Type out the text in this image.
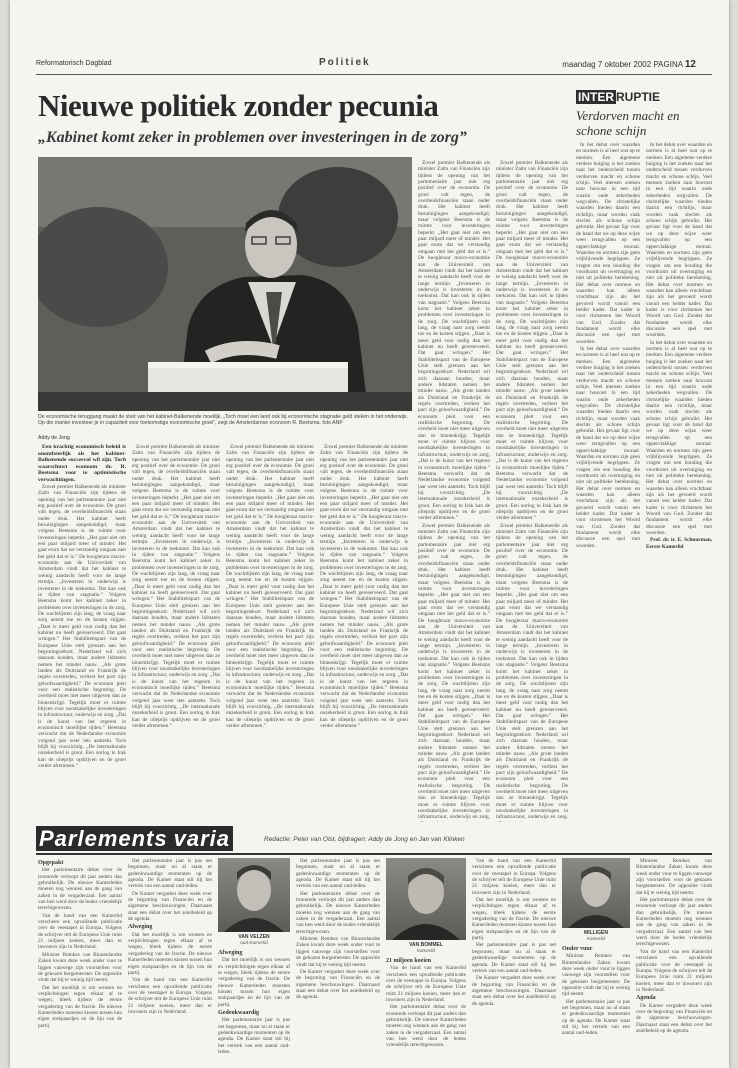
Reformatorisch Dagblad	Politiek	maandag 7 oktober 2002 PAGINA 12
Nieuwe politiek zonder pecunia
„Kabinet komt zeker in problemen over investeringen in de zorg”
De economische teruggang maakt de start van het kabinet-Balkenende moeilijk. „Toch moet een land ook bij economische stagnatie geld steken in het onderwijs. Op die manier investeer je in capaciteit voor toekomstige economische groei”, zegt de Amsterdamse econoom R. Beetsma. foto ANP
Addy de Jong

Een krachtig economisch beleid is onontbeerlijk als het kabinet-Balkenende succesvol wil zijn. Toch waarschuwt econoom dr. R. Beetsma voor te optimistische verwachtingen.

Zowel premier Balkenende als minister Zalm van Financiën zijn tijdens de opening van het parlementaire jaar niet erg positief over de economie. De groei valt tegen, de overheidsfinanciën staan onder druk. Het kabinet heeft bezuinigingen aangekondigd, maar volgens Beetsma is de ruimte voor investeringen beperkt. „Het gaat niet om een paar miljard meer of minder. Het gaat erom dat we verstandig omgaan met het geld dat er is.” De hoogleraar macro-economie aan de Universiteit van Amsterdam vindt dat het kabinet te weinig aandacht heeft voor de lange termijn. „Investeren in onderwijs is investeren in de toekomst. Dat kan ook in tijden van stagnatie.” Volgens Beetsma komt het kabinet zeker in problemen over investeringen in de zorg. De wachtlijsten zijn lang, de vraag naar zorg neemt toe en de kosten stijgen. „Daar is meer geld voor nodig dan het kabinet nu heeft gereserveerd. Dat gaat wringen.” Het Stabiliteitspact van de Europese Unie stelt grenzen aan het begrotingstekort. Nederland wil zich daaraan houden, maar andere lidstaten nemen het minder nauw. „Als grote landen als Duitsland en Frankrijk de regels overtreden, verliest het pact zijn geloofwaardigheid.” De econoom pleit voor een realistische begroting. De overheid moet niet meer uitgeven dan ze binnenkrijgt. Tegelijk moet er ruimte blijven voor noodzakelijke investeringen in infrastructuur, onderwijs en zorg. „Dat is de kunst van het regeren in economisch moeilijke tijden.” Beetsma verwacht dat de Nederlandse economie volgend jaar weer iets aantrekt. Toch blijft hij voorzichtig. „De internationale onzekerheid is groot. Een oorlog in Irak kan de olieprijs opdrijven en de groei verder afremmen.”

Zowel premier Balkenende als minister Zalm van Financiën zijn tijdens de opening van het parlementaire jaar niet erg positief over de economie. De groei valt tegen, de overheidsfinanciën staan onder druk. Het kabinet heeft bezuinigingen aangekondigd, maar volgens Beetsma is de ruimte voor investeringen beperkt. „Het gaat niet om een paar miljard meer of minder. Het gaat erom dat we verstandig omgaan met het geld dat er is.” De hoogleraar macro-economie aan de Universiteit van Amsterdam vindt dat het kabinet te weinig aandacht heeft voor de lange termijn. „Investeren in onderwijs is investeren in de toekomst. Dat kan ook in tijden van stagnatie.” Volgens Beetsma komt het kabinet zeker in problemen over investeringen in de zorg. De wachtlijsten zijn lang, de vraag naar zorg neemt toe en de kosten stijgen. „Daar is meer geld voor nodig dan het kabinet nu heeft gereserveerd. Dat gaat wringen.” Het Stabiliteitspact van de Europese Unie stelt grenzen aan het begrotingstekort. Nederland wil zich daaraan houden, maar andere lidstaten nemen het minder nauw. „Als grote landen als Duitsland en Frankrijk de regels overtreden, verliest het pact zijn geloofwaardigheid.” De econoom pleit voor een realistische begroting. De overheid moet niet meer uitgeven dan ze binnenkrijgt. Tegelijk moet er ruimte blijven voor noodzakelijke investeringen in infrastructuur, onderwijs en zorg. „Dat is de kunst van het regeren in economisch moeilijke tijden.” Beetsma verwacht dat de Nederlandse economie volgend jaar weer iets aantrekt. Toch blijft hij voorzichtig. „De internationale onzekerheid is groot. Een oorlog in Irak kan de olieprijs opdrijven en de groei verder afremmen.”

Zowel premier Balkenende als minister Zalm van Financiën zijn tijdens de opening van het parlementaire jaar niet erg positief over de economie. De groei valt tegen, de overheidsfinanciën staan onder druk. Het kabinet heeft bezuinigingen aangekondigd, maar volgens Beetsma is de ruimte voor investeringen beperkt. „Het gaat niet om een paar miljard meer of minder. Het gaat erom dat we verstandig omgaan met het geld dat er is.” De hoogleraar macro-economie aan de Universiteit van Amsterdam vindt dat het kabinet te weinig aandacht heeft voor de lange termijn. „Investeren in onderwijs is investeren in de toekomst. Dat kan ook in tijden van stagnatie.” Volgens Beetsma komt het kabinet zeker in problemen over investeringen in de zorg. De wachtlijsten zijn lang, de vraag naar zorg neemt toe en de kosten stijgen. „Daar is meer geld voor nodig dan het kabinet nu heeft gereserveerd. Dat gaat wringen.” Het Stabiliteitspact van de Europese Unie stelt grenzen aan het begrotingstekort. Nederland wil zich daaraan houden, maar andere lidstaten nemen het minder nauw. „Als grote landen als Duitsland en Frankrijk de regels overtreden, verliest het pact zijn geloofwaardigheid.” De econoom pleit voor een realistische begroting. De overheid moet niet meer uitgeven dan ze binnenkrijgt. Tegelijk moet er ruimte blijven voor noodzakelijke investeringen in infrastructuur, onderwijs en zorg. „Dat is de kunst van het regeren in economisch moeilijke tijden.” Beetsma verwacht dat de Nederlandse economie volgend jaar weer iets aantrekt. Toch blijft hij voorzichtig. „De internationale onzekerheid is groot. Een oorlog in Irak kan de olieprijs opdrijven en de groei verder afremmen.”

Zowel premier Balkenende als minister Zalm van Financiën zijn tijdens de opening van het parlementaire jaar niet erg positief over de economie. De groei valt tegen, de overheidsfinanciën staan onder druk. Het kabinet heeft bezuinigingen aangekondigd, maar volgens Beetsma is de ruimte voor investeringen beperkt. „Het gaat niet om een paar miljard meer of minder. Het gaat erom dat we verstandig omgaan met het geld dat er is.” De hoogleraar macro-economie aan de Universiteit van Amsterdam vindt dat het kabinet te weinig aandacht heeft voor de lange termijn. „Investeren in onderwijs is investeren in de toekomst. Dat kan ook in tijden van stagnatie.” Volgens Beetsma komt het kabinet zeker in problemen over investeringen in de zorg. De wachtlijsten zijn lang, de vraag naar zorg neemt toe en de kosten stijgen. „Daar is meer geld voor nodig dan het kabinet nu heeft gereserveerd. Dat gaat wringen.” Het Stabiliteitspact van de Europese Unie stelt grenzen aan het begrotingstekort. Nederland wil zich daaraan houden, maar andere lidstaten nemen het minder nauw. „Als grote landen als Duitsland en Frankrijk de regels overtreden, verliest het pact zijn geloofwaardigheid.” De econoom pleit voor een realistische begroting. De overheid moet niet meer uitgeven dan ze binnenkrijgt. Tegelijk moet er ruimte blijven voor noodzakelijke investeringen in infrastructuur, onderwijs en zorg. „Dat is de kunst van het regeren in economisch moeilijke tijden.” Beetsma verwacht dat de Nederlandse economie volgend jaar weer iets aantrekt. Toch blijft hij voorzichtig. „De internationale onzekerheid is groot. Een oorlog in Irak kan de olieprijs opdrijven en de groei verder afremmen.”

Zowel premier Balkenende als minister Zalm van Financiën zijn tijdens de opening van het parlementaire jaar niet erg positief over de economie. De groei valt tegen, de overheidsfinanciën staan onder druk. Het kabinet heeft bezuinigingen aangekondigd, maar volgens Beetsma is de ruimte voor investeringen beperkt. „Het gaat niet om een paar miljard meer of minder. Het gaat erom dat we verstandig omgaan met het geld dat er is.” De hoogleraar macro-economie aan de Universiteit van Amsterdam vindt dat het kabinet te weinig aandacht heeft voor de lange termijn. „Investeren in onderwijs is investeren in de toekomst. Dat kan ook in tijden van stagnatie.” Volgens Beetsma komt het kabinet zeker in problemen over investeringen in de zorg. De wachtlijsten zijn lang, de vraag naar zorg neemt toe en de kosten stijgen. „Daar is meer geld voor nodig dan het kabinet nu heeft gereserveerd. Dat gaat wringen.” Het Stabiliteitspact van de Europese Unie stelt grenzen aan het begrotingstekort. Nederland wil zich daaraan houden, maar andere lidstaten nemen het minder nauw. „Als grote landen als Duitsland en Frankrijk de regels overtreden, verliest het pact zijn geloofwaardigheid.” De econoom pleit voor een realistische begroting. De overheid moet niet meer uitgeven dan ze binnenkrijgt. Tegelijk moet er ruimte blijven voor noodzakelijke investeringen in infrastructuur, onderwijs en zorg. „Dat is de kunst van het regeren in economisch moeilijke tijden.” Beetsma verwacht dat de Nederlandse economie volgend jaar weer iets aantrekt. Toch blijft hij voorzichtig. „De internationale onzekerheid is groot. Een oorlog in Irak kan de olieprijs opdrijven en de groei verder afremmen.”

Zowel premier Balkenende als minister Zalm van Financiën zijn tijdens de opening van het parlementaire jaar niet erg positief over de economie. De groei valt tegen, de overheidsfinanciën staan onder druk. Het kabinet heeft bezuinigingen aangekondigd, maar volgens Beetsma is de ruimte voor investeringen beperkt. „Het gaat niet om een paar miljard meer of minder. Het gaat erom dat we verstandig omgaan met het geld dat er is.” De hoogleraar macro-economie aan de Universiteit van Amsterdam vindt dat het kabinet te weinig aandacht heeft voor de lange termijn. „Investeren in onderwijs is investeren in de toekomst. Dat kan ook in tijden van stagnatie.” Volgens Beetsma komt het kabinet zeker in problemen over investeringen in de zorg. De wachtlijsten zijn lang, de vraag naar zorg neemt toe en de kosten stijgen. „Daar is meer geld voor nodig dan het kabinet nu heeft gereserveerd. Dat gaat wringen.” Het Stabiliteitspact van de Europese Unie stelt grenzen aan het begrotingstekort. Nederland wil zich daaraan houden, maar andere lidstaten nemen het minder nauw. „Als grote landen als Duitsland en Frankrijk de regels overtreden, verliest het pact zijn geloofwaardigheid.” De econoom pleit voor een realistische begroting. De overheid moet niet meer uitgeven dan ze binnenkrijgt. Tegelijk moet er ruimte blijven voor noodzakelijke investeringen in infrastructuur, onderwijs en zorg.

Zowel premier Balkenende als minister Zalm van Financiën zijn tijdens de opening van het parlementaire jaar niet erg positief over de economie. De groei valt tegen, de overheidsfinanciën staan onder druk. Het kabinet heeft bezuinigingen aangekondigd, maar volgens Beetsma is de ruimte voor investeringen beperkt. „Het gaat niet om een paar miljard meer of minder. Het gaat erom dat we verstandig omgaan met het geld dat er is.” De hoogleraar macro-economie aan de Universiteit van Amsterdam vindt dat het kabinet te weinig aandacht heeft voor de lange termijn. „Investeren in onderwijs is investeren in de toekomst. Dat kan ook in tijden van stagnatie.” Volgens Beetsma komt het kabinet zeker in problemen over investeringen in de zorg. De wachtlijsten zijn lang, de vraag naar zorg neemt toe en de kosten stijgen. „Daar is meer geld voor nodig dan het kabinet nu heeft gereserveerd. Dat gaat wringen.” Het Stabiliteitspact van de Europese Unie stelt grenzen aan het begrotingstekort. Nederland wil zich daaraan houden, maar andere lidstaten nemen het minder nauw. „Als grote landen als Duitsland en Frankrijk de regels overtreden, verliest het pact zijn geloofwaardigheid.” De econoom pleit voor een realistische begroting. De overheid moet niet meer uitgeven dan ze binnenkrijgt. Tegelijk moet er ruimte blijven voor noodzakelijke investeringen in infrastructuur, onderwijs en zorg. „Dat is de kunst van het regeren in economisch moeilijke tijden.” Beetsma verwacht dat de Nederlandse economie volgend jaar weer iets aantrekt. Toch blijft hij voorzichtig. „De internationale onzekerheid is groot. Een oorlog in Irak kan de olieprijs opdrijven en de groei verder afremmen.”

Zowel premier Balkenende als minister Zalm van Financiën zijn tijdens de opening van het parlementaire jaar niet erg positief over de economie. De groei valt tegen, de overheidsfinanciën staan onder druk. Het kabinet heeft bezuinigingen aangekondigd, maar volgens Beetsma is de ruimte voor investeringen beperkt. „Het gaat niet om een paar miljard meer of minder. Het gaat erom dat we verstandig omgaan met het geld dat er is.” De hoogleraar macro-economie aan de Universiteit van Amsterdam vindt dat het kabinet te weinig aandacht heeft voor de lange termijn. „Investeren in onderwijs is investeren in de toekomst. Dat kan ook in tijden van stagnatie.” Volgens Beetsma komt het kabinet zeker in problemen over investeringen in de zorg. De wachtlijsten zijn lang, de vraag naar zorg neemt toe en de kosten stijgen. „Daar is meer geld voor nodig dan het kabinet nu heeft gereserveerd. Dat gaat wringen.” Het Stabiliteitspact van de Europese Unie stelt grenzen aan het begrotingstekort. Nederland wil zich daaraan houden, maar andere lidstaten nemen het minder nauw. „Als grote landen als Duitsland en Frankrijk de regels overtreden, verliest het pact zijn geloofwaardigheid.” De econoom pleit voor een realistische begroting. De overheid moet niet meer uitgeven dan ze binnenkrijgt. Tegelijk moet er ruimte blijven voor noodzakelijke investeringen in infrastructuur, onderwijs en zorg.

INTER RUPTIE
Verdorven macht en schone schijn

In het debat over waarden en normen is al heel wat op te merken. Een algemene verdere buiging is het zoeken naar het onderscheid tussen verdorven macht en schone schijn. Veel mensen zoeken naar houvast in een tijd waarin oude zekerheden wegvallen. De christelijke waarden bieden daarin een richtlijn, maar worden vaak slechts als schone schijn gebruikt. Het gevaar ligt voor de hand dat we op deze wijze weer terugvallen op een oppervlakkige moraal. Waarden en normen zijn geen vrijblijvende begrippen. Ze vragen om een houding die voortkomt uit overtuiging en niet uit politieke berekening. Het debat over normen en waarden kan alleen vruchtbaar zijn als het gevoerd wordt vanuit een helder kader. Dat kader is voor christenen het Woord van God. Zonder dat fundament wordt elke discussie een spel met woorden.

In het debat over waarden en normen is al heel wat op te merken. Een algemene verdere buiging is het zoeken naar het onderscheid tussen verdorven macht en schone schijn. Veel mensen zoeken naar houvast in een tijd waarin oude zekerheden wegvallen. De christelijke waarden bieden daarin een richtlijn, maar worden vaak slechts als schone schijn gebruikt. Het gevaar ligt voor de hand dat we op deze wijze weer terugvallen op een oppervlakkige moraal. Waarden en normen zijn geen vrijblijvende begrippen. Ze vragen om een houding die voortkomt uit overtuiging en niet uit politieke berekening. Het debat over normen en waarden kan alleen vruchtbaar zijn als het gevoerd wordt vanuit een helder kader. Dat kader is voor christenen het Woord van God. Zonder dat fundament wordt elke discussie een spel met woorden.

In het debat over waarden en normen is al heel wat op te merken. Een algemene verdere buiging is het zoeken naar het onderscheid tussen verdorven macht en schone schijn. Veel mensen zoeken naar houvast in een tijd waarin oude zekerheden wegvallen. De christelijke waarden bieden daarin een richtlijn, maar worden vaak slechts als schone schijn gebruikt. Het gevaar ligt voor de hand dat we op deze wijze weer terugvallen op een oppervlakkige moraal. Waarden en normen zijn geen vrijblijvende begrippen. Ze vragen om een houding die voortkomt uit overtuiging en niet uit politieke berekening. Het debat over normen en waarden kan alleen vruchtbaar zijn als het gevoerd wordt vanuit een helder kader. Dat kader is voor christenen het Woord van God. Zonder dat fundament wordt elke discussie een spel met woorden.

In het debat over waarden en normen is al heel wat op te merken. Een algemene verdere buiging is het zoeken naar het onderscheid tussen verdorven macht en schone schijn. Veel mensen zoeken naar houvast in een tijd waarin oude zekerheden wegvallen. De christelijke waarden bieden daarin een richtlijn, maar worden vaak slechts als schone schijn gebruikt. Het gevaar ligt voor de hand dat we op deze wijze weer terugvallen op een oppervlakkige moraal. Waarden en normen zijn geen vrijblijvende begrippen. Ze vragen om een houding die voortkomt uit overtuiging en niet uit politieke berekening. Het debat over normen en waarden kan alleen vruchtbaar zijn als het gevoerd wordt vanuit een helder kader. Dat kader is voor christenen het Woord van God. Zonder dat fundament wordt elke discussie een spel met woorden.

Prof. dr. ir. E. Schuurman, Eerste Kamerlid

Parlements varia	Redactie: Peter van Olst, bijdragen: Addy de Jong en Jan van Klinken
Opgepakt

Het parlementaire debat over de troonrede verloopt dit jaar anders dan gebruikelijk. De nieuwe Kamerleden moeten nog wennen aan de gang van zaken in de vergaderzaal. Een aantal van hen werd door de bodes vriendelijk terechtgewezen.

Van de hand van een Kamerlid verscheen een opvallende publicatie over de veestapel in Europa. Volgens de schrijver telt de Europese Unie ruim 21 miljoen koeien, meer dan er inwoners zijn in Nederland.

Minister Remkes van Binnenlandse Zaken kwam deze week onder vuur te liggen vanwege zijn voorstellen voor de gekozen burgemeester. De oppositie vindt dat hij te weinig tijd neemt.

Dat het moeilijk is om wensen en verplichtingen tegen elkaar af te wegen, bleek tijdens de eerste vergadering van de fractie. De nieuwe Kamerleden moesten kiezen tussen hun eigen stokpaardjes en de lijn van de partij.

Het parlementaire jaar is pas net begonnen, maar nu al staan er gedenkwaardige momenten op de agenda. De Kamer staat stil bij het vertrek van een aantal oud-leden.

De Kamer vergadert deze week over de begroting van Financiën en de algemene beschouwingen. Daarnaast staat een debat over het asielbeleid op de agenda.

Afweging

Dat het moeilijk is om wensen en verplichtingen tegen elkaar af te wegen, bleek tijdens de eerste vergadering van de fractie. De nieuwe Kamerleden moesten kiezen tussen hun eigen stokpaardjes en de lijn van de partij.

Van de hand van een Kamerlid verscheen een opvallende publicatie over de veestapel in Europa. Volgens de schrijver telt de Europese Unie ruim 21 miljoen koeien, meer dan er inwoners zijn in Nederland.

VAN VELZEN
oud-Kamerlid
Afweging

Dat het moeilijk is om wensen en verplichtingen tegen elkaar af te wegen, bleek tijdens de eerste vergadering van de fractie. De nieuwe Kamerleden moesten kiezen tussen hun eigen stokpaardjes en de lijn van de partij.

Gedenkwaardig

Het parlementaire jaar is pas net begonnen, maar nu al staan er gedenkwaardige momenten op de agenda. De Kamer staat stil bij het vertrek van een aantal oud-leden.

Het parlementaire jaar is pas net begonnen, maar nu al staan er gedenkwaardige momenten op de agenda. De Kamer staat stil bij het vertrek van een aantal oud-leden.

Het parlementaire debat over de troonrede verloopt dit jaar anders dan gebruikelijk. De nieuwe Kamerleden moeten nog wennen aan de gang van zaken in de vergaderzaal. Een aantal van hen werd door de bodes vriendelijk terechtgewezen.

Minister Remkes van Binnenlandse Zaken kwam deze week onder vuur te liggen vanwege zijn voorstellen voor de gekozen burgemeester. De oppositie vindt dat hij te weinig tijd neemt.

De Kamer vergadert deze week over de begroting van Financiën en de algemene beschouwingen. Daarnaast staat een debat over het asielbeleid op de agenda.

VAN BOMMEL
Kamerlid
21 miljoen koeien

Van de hand van een Kamerlid verscheen een opvallende publicatie over de veestapel in Europa. Volgens de schrijver telt de Europese Unie ruim 21 miljoen koeien, meer dan er inwoners zijn in Nederland.

Het parlementaire debat over de troonrede verloopt dit jaar anders dan gebruikelijk. De nieuwe Kamerleden moeten nog wennen aan de gang van zaken in de vergaderzaal. Een aantal van hen werd door de bodes vriendelijk terechtgewezen.

Van de hand van een Kamerlid verscheen een opvallende publicatie over de veestapel in Europa. Volgens de schrijver telt de Europese Unie ruim 21 miljoen koeien, meer dan er inwoners zijn in Nederland.

Dat het moeilijk is om wensen en verplichtingen tegen elkaar af te wegen, bleek tijdens de eerste vergadering van de fractie. De nieuwe Kamerleden moesten kiezen tussen hun eigen stokpaardjes en de lijn van de partij.

Het parlementaire jaar is pas net begonnen, maar nu al staan er gedenkwaardige momenten op de agenda. De Kamer staat stil bij het vertrek van een aantal oud-leden.

De Kamer vergadert deze week over de begroting van Financiën en de algemene beschouwingen. Daarnaast staat een debat over het asielbeleid op de agenda.

MILLIGEN
Kamerlid
Onder vuur

Minister Remkes van Binnenlandse Zaken kwam deze week onder vuur te liggen vanwege zijn voorstellen voor de gekozen burgemeester. De oppositie vindt dat hij te weinig tijd neemt.

Het parlementaire jaar is pas net begonnen, maar nu al staan er gedenkwaardige momenten op de agenda. De Kamer staat stil bij het vertrek van een aantal oud-leden.

Minister Remkes van Binnenlandse Zaken kwam deze week onder vuur te liggen vanwege zijn voorstellen voor de gekozen burgemeester. De oppositie vindt dat hij te weinig tijd neemt.

Het parlementaire debat over de troonrede verloopt dit jaar anders dan gebruikelijk. De nieuwe Kamerleden moeten nog wennen aan de gang van zaken in de vergaderzaal. Een aantal van hen werd door de bodes vriendelijk terechtgewezen.

Van de hand van een Kamerlid verscheen een opvallende publicatie over de veestapel in Europa. Volgens de schrijver telt de Europese Unie ruim 21 miljoen koeien, meer dan er inwoners zijn in Nederland.

Agenda

De Kamer vergadert deze week over de begroting van Financiën en de algemene beschouwingen. Daarnaast staat een debat over het asielbeleid op de agenda.
